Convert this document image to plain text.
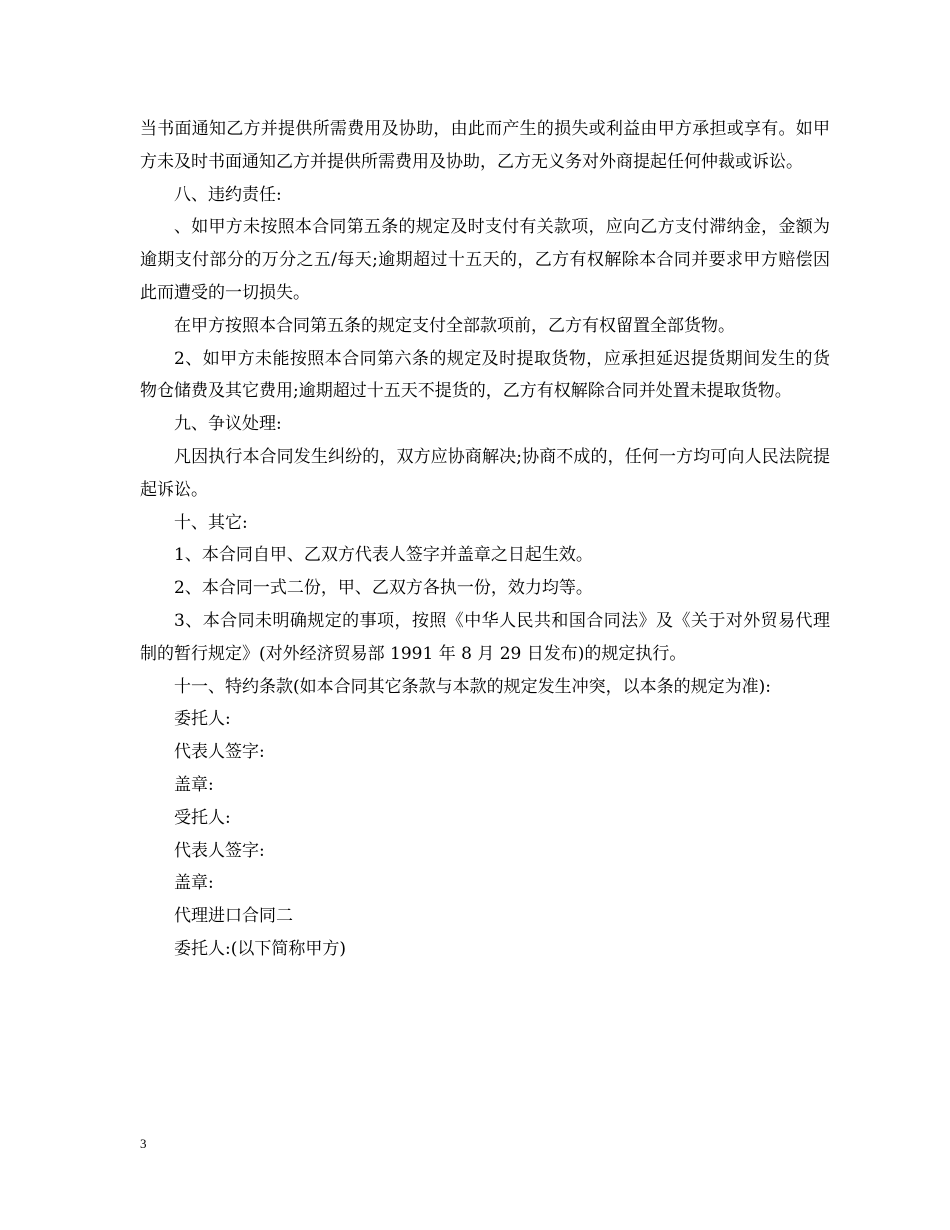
当书面通知乙方并提供所需费用及协助，由此而产生的损失或利益由甲方承担或享有。如甲方未及时书面通知乙方并提供所需费用及协助，乙方无义务对外商提起任何仲裁或诉讼。

八、违约责任:

、如甲方未按照本合同第五条的规定及时支付有关款项，应向乙方支付滞纳金，金额为逾期支付部分的万分之五/每天;逾期超过十五天的，乙方有权解除本合同并要求甲方赔偿因此而遭受的一切损失。

在甲方按照本合同第五条的规定支付全部款项前，乙方有权留置全部货物。

2、如甲方未能按照本合同第六条的规定及时提取货物，应承担延迟提货期间发生的货物仓储费及其它费用;逾期超过十五天不提货的，乙方有权解除合同并处置未提取货物。

九、争议处理:

凡因执行本合同发生纠纷的，双方应协商解决;协商不成的，任何一方均可向人民法院提起诉讼。

十、其它:

1、本合同自甲、乙双方代表人签字并盖章之日起生效。

2、本合同一式二份，甲、乙双方各执一份，效力均等。

3、本合同未明确规定的事项，按照《中华人民共和国合同法》及《关于对外贸易代理制的暂行规定》(对外经济贸易部 1991 年 8 月 29 日发布)的规定执行。

十一、特约条款(如本合同其它条款与本款的规定发生冲突，以本条的规定为准):

委托人:

代表人签字:

盖章:

受托人:

代表人签字:

盖章:

代理进口合同二

委托人:(以下简称甲方)

3
